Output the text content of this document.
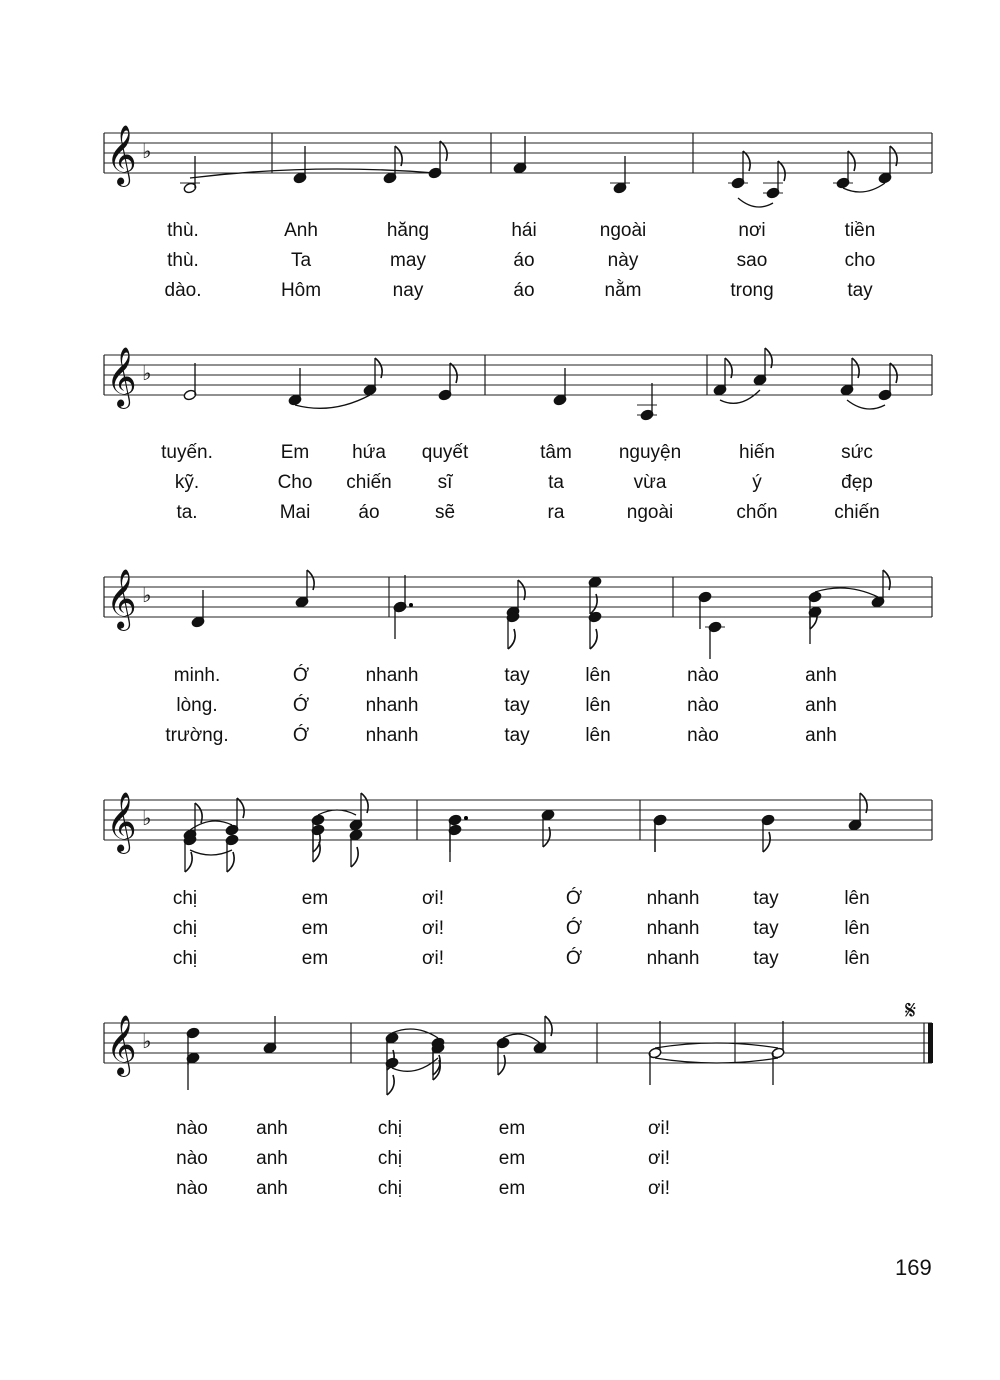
𝄞 ♭
𝄞 ♭
𝄞 ♭
𝄞 ♭
𝄞 ♭
𝄋
thù.	Anh	hăng	hái	ngoài	nơi	tiền
thù.	Ta	may	áo	này	sao	cho
dào.	Hôm	nay	áo	nằm	trong	tay
tuyến.	Em hứa quyết	tâm nguyện	hiến	sức
kỹ.	Cho chiến sĩ	ta	vừa	ý	đẹp
ta.	Mai	áo	sẽ	ra	ngoài	chốn	chiến
minh.	Ớ	nhanh	tay	lên	nào	anh
lòng.	Ớ	nhanh	tay	lên	nào	anh
trường.	Ớ	nhanh	tay	lên	nào	anh
chị	em	ơi!	Ớ	nhanh	tay	lên
chị	em	ơi!	Ớ	nhanh	tay	lên
chị	em	ơi!	Ớ	nhanh	tay	lên
nào	anh	chị	em	ơi!
nào	anh	chị	em	ơi!
nào	anh	chị	em	ơi!
169
